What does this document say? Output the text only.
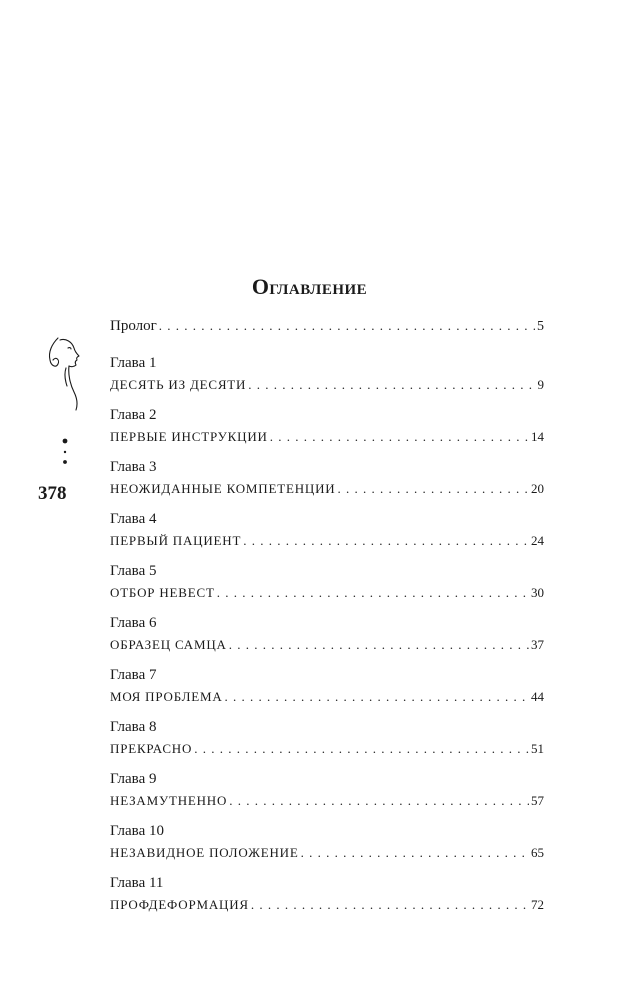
Оглавление

378

Пролог . . .	5
Глава 1
ДЕСЯТЬ ИЗ ДЕСЯТИ . . .	9
Глава 2
ПЕРВЫЕ ИНСТРУКЦИИ . . .	14
Глава 3
НЕОЖИДАННЫЕ КОМПЕТЕНЦИИ . . .	20
Глава 4
ПЕРВЫЙ ПАЦИЕНТ . . .	24
Глава 5
ОТБОР НЕВЕСТ . . .	30
Глава 6
ОБРАЗЕЦ САМЦА . . .	37
Глава 7
МОЯ ПРОБЛЕМА . . .	44
Глава 8
ПРЕКРАСНО . . .	51
Глава 9
НЕЗАМУТНЕННО . . .	57
Глава 10
НЕЗАВИДНОЕ ПОЛОЖЕНИЕ . . .	65
Глава 11
ПРОФДЕФОРМАЦИЯ . . .	72
